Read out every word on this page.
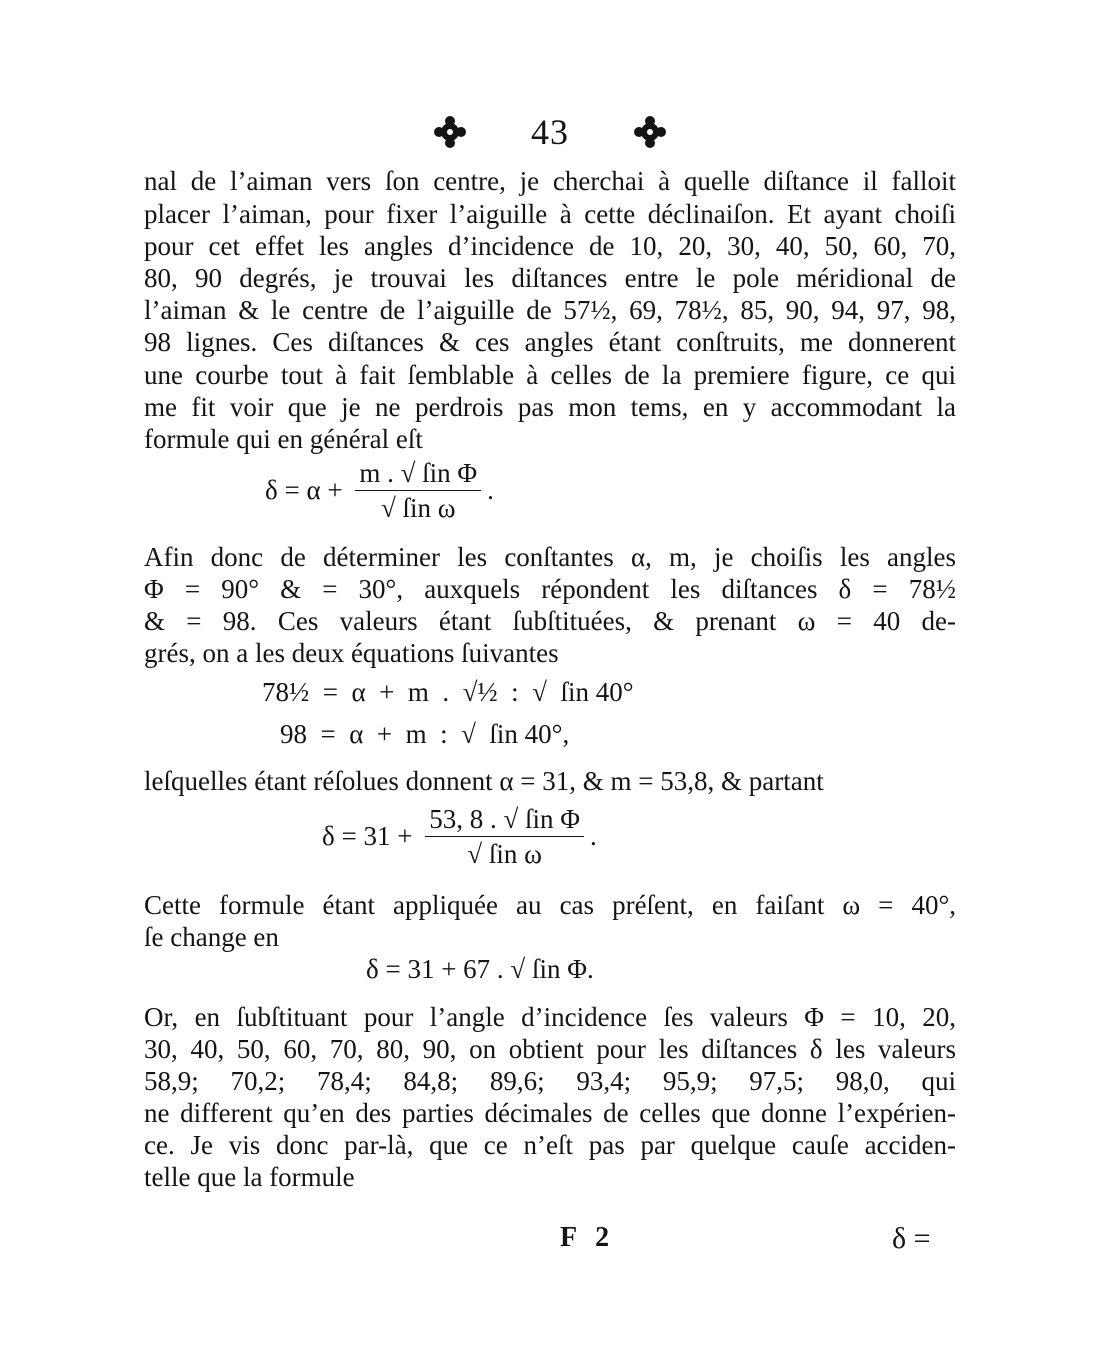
43
nal de l’aiman vers ſon centre, je cherchai à quelle diſtance il falloit
placer l’aiman, pour fixer l’aiguille à cette déclinaiſon. Et ayant choiſi
pour cet effet les angles d’incidence de 10, 20, 30, 40, 50, 60, 70,
80, 90 degrés, je trouvai les diſtances entre le pole méridional de
l’aiman & le centre de l’aiguille de 57½, 69, 78½, 85, 90, 94, 97, 98,
98 lignes. Ces diſtances & ces angles étant conſtruits, me donnerent
une courbe tout à fait ſemblable à celles de la premiere figure, ce qui
me fit voir que je ne perdrois pas mon tems, en y accommodant la
formule qui en général eſt
$\delta = \alpha + \frac{\text{m . √ ſin Φ}}{\text{√ ſin ω}}$ .
Afin donc de déterminer les conſtantes α, m, je choiſis les angles
Φ = 90° & = 30°, auxquels répondent les diſtances δ = 78½
& = 98. Ces valeurs étant ſubſtituées, & prenant ω = 40 de-
grés, on a les deux équations ſuivantes
78½  =  α  +  m  .  √½  :  √  ſin 40°
98  =  α  +  m  :  √  ſin 40°,
leſquelles étant réſolues donnent α = 31, & m = 53,8, & partant
$\delta = 31 + \frac{\text{53, 8 . √ ſin Φ}}{\text{√ ſin ω}}$ .
Cette formule étant appliquée au cas préſent, en faiſant ω = 40°,
ſe change en
δ = 31 + 67 . √ ſin Φ.
Or, en ſubſtituant pour l’angle d’incidence ſes valeurs Φ = 10, 20,
30, 40, 50, 60, 70, 80, 90, on obtient pour les diſtances δ les valeurs
58,9; 70,2; 78,4; 84,8; 89,6; 93,4; 95,9; 97,5; 98,0, qui
ne different qu’en des parties décimales de celles que donne l’expérien-
ce. Je vis donc par-là, que ce n’eſt pas par quelque cauſe acciden-
telle que la formule
F 2	δ =
